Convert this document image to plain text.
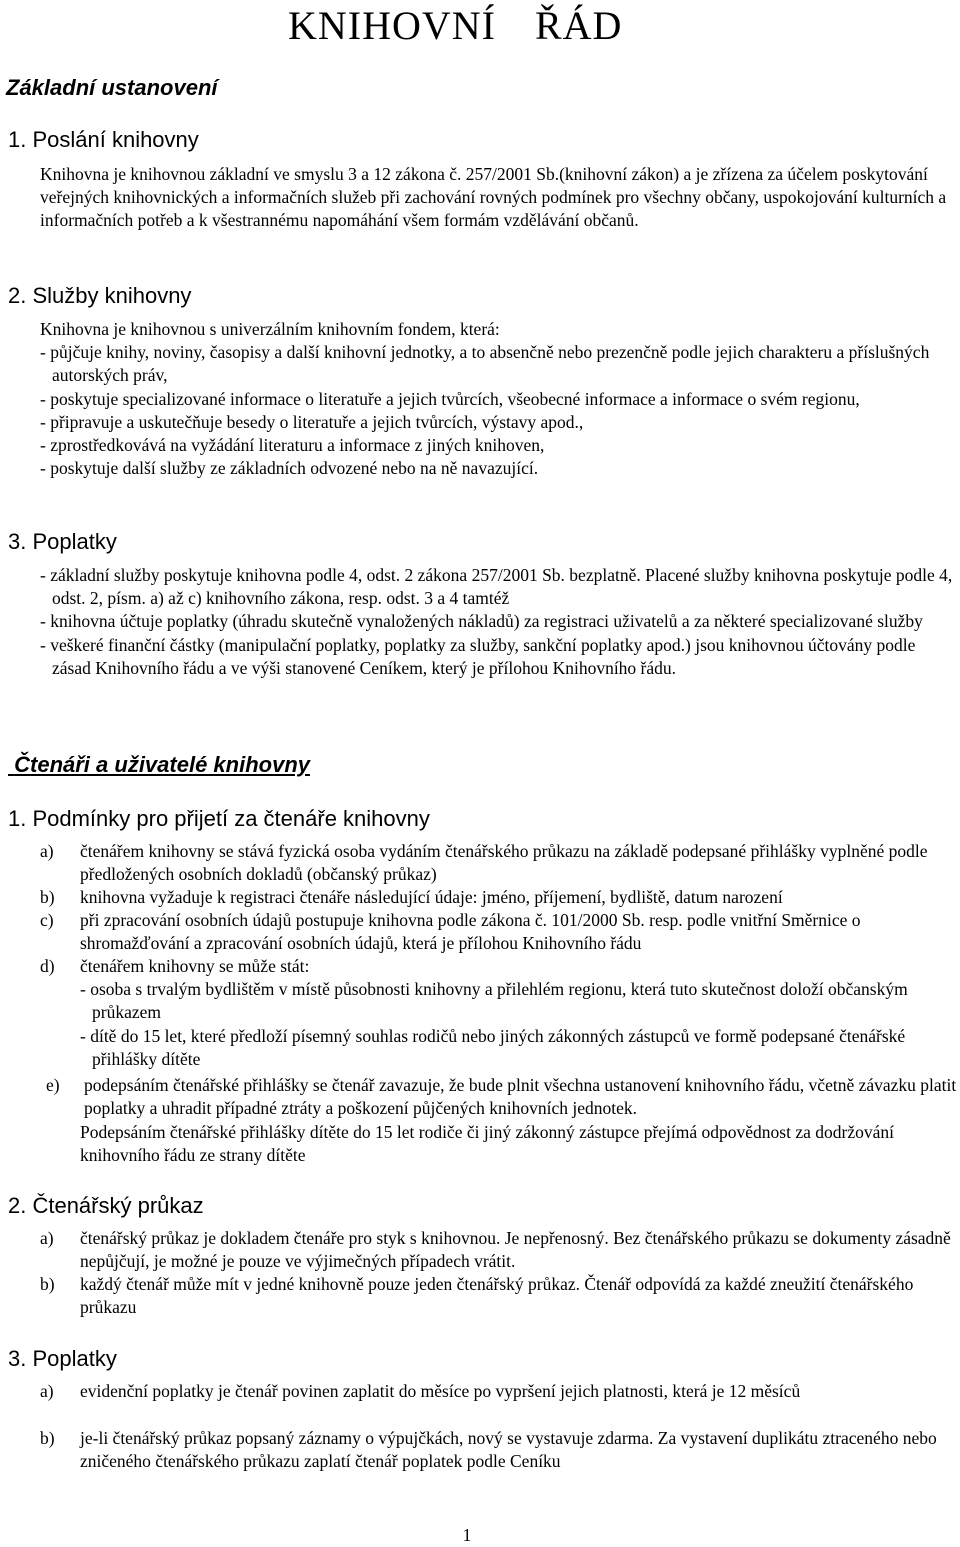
KNIHOVNÍ ŘÁD
Základní ustanovení
1. Poslání knihovny

Knihovna je knihovnou základní ve smyslu 3 a 12 zákona č. 257/2001 Sb.(knihovní zákon) a je zřízena za účelem poskytování veřejných knihovnických a informačních služeb při zachování rovných podmínek pro všechny občany, uspokojování kulturních a informačních potřeb a k všestrannému napomáhání všem formám vzdělávání občanů.

2. Služby knihovny
Knihovna je knihovnou s univerzálním knihovním fondem, která:
- půjčuje knihy, noviny, časopisy a další knihovní jednotky, a to absenčně nebo prezenčně podle jejich charakteru a příslušných autorských práv,
- poskytuje specializované informace o literatuře a jejich tvůrcích, všeobecné informace a informace o svém regionu,
- připravuje a uskutečňuje besedy o literatuře a jejich tvůrcích, výstavy apod.,
- zprostředkovává na vyžádání literaturu a informace z jiných knihoven,
- poskytuje další služby ze základních odvozené nebo na ně navazující.
3. Poplatky
- základní služby poskytuje knihovna podle 4, odst. 2 zákona 257/2001 Sb. bezplatně. Placené služby knihovna poskytuje podle 4, odst. 2, písm. a) až c) knihovního zákona, resp. odst. 3 a 4 tamtéž
- knihovna účtuje poplatky (úhradu skutečně vynaložených nákladů) za registraci uživatelů a za některé specializované služby
- veškeré finanční částky (manipulační poplatky, poplatky za služby, sankční poplatky apod.) jsou knihovnou účtovány podle zásad Knihovního řádu a ve výši stanovené Ceníkem, který je přílohou Knihovního řádu.
Čtenáři a uživatelé knihovny
1. Podmínky pro přijetí za čtenáře knihovny
a) čtenářem knihovny se stává fyzická osoba vydáním čtenářského průkazu na základě podepsané přihlášky vyplněné podle předložených osobních dokladů (občanský průkaz)
b) knihovna vyžaduje k registraci čtenáře následující údaje: jméno, příjemení, bydliště, datum narození
c) při zpracování osobních údajů postupuje knihovna podle zákona č. 101/2000 Sb. resp. podle vnitřní Směrnice o shromažďování a zpracování osobních údajů, která je přílohou Knihovního řádu
d) čtenářem knihovny se může stát:
- osoba s trvalým bydlištěm v místě působnosti knihovny a přilehlém regionu, která tuto skutečnost doloží občanským průkazem
- dítě do 15 let, které předloží písemný souhlas rodičů nebo jiných zákonných zástupců ve formě podepsané čtenářské přihlášky dítěte
e) podepsáním čtenářské přihlášky se čtenář zavazuje, že bude plnit všechna ustanovení knihovního řádu, včetně závazku platit poplatky a uhradit případné ztráty a poškození půjčených knihovních jednotek.

Podepsáním čtenářské přihlášky dítěte do 15 let rodiče či jiný zákonný zástupce přejímá odpovědnost za dodržování knihovního řádu ze strany dítěte

2. Čtenářský průkaz
a) čtenářský průkaz je dokladem čtenáře pro styk s knihovnou. Je nepřenosný. Bez čtenářského průkazu se dokumenty zásadně nepůjčují, je možné je pouze ve výjimečných případech vrátit.
b) každý čtenář může mít v jedné knihovně pouze jeden čtenářský průkaz. Čtenář odpovídá za každé zneužití čtenářského průkazu
3. Poplatky
a) evidenční poplatky je čtenář povinen zaplatit do měsíce po vypršení jejich platnosti, která je 12 měsíců
b) je-li čtenářský průkaz popsaný záznamy o výpujčkách, nový se vystavuje zdarma. Za vystavení duplikátu ztraceného nebo zničeného čtenářského průkazu zaplatí čtenář poplatek podle Ceníku
1
